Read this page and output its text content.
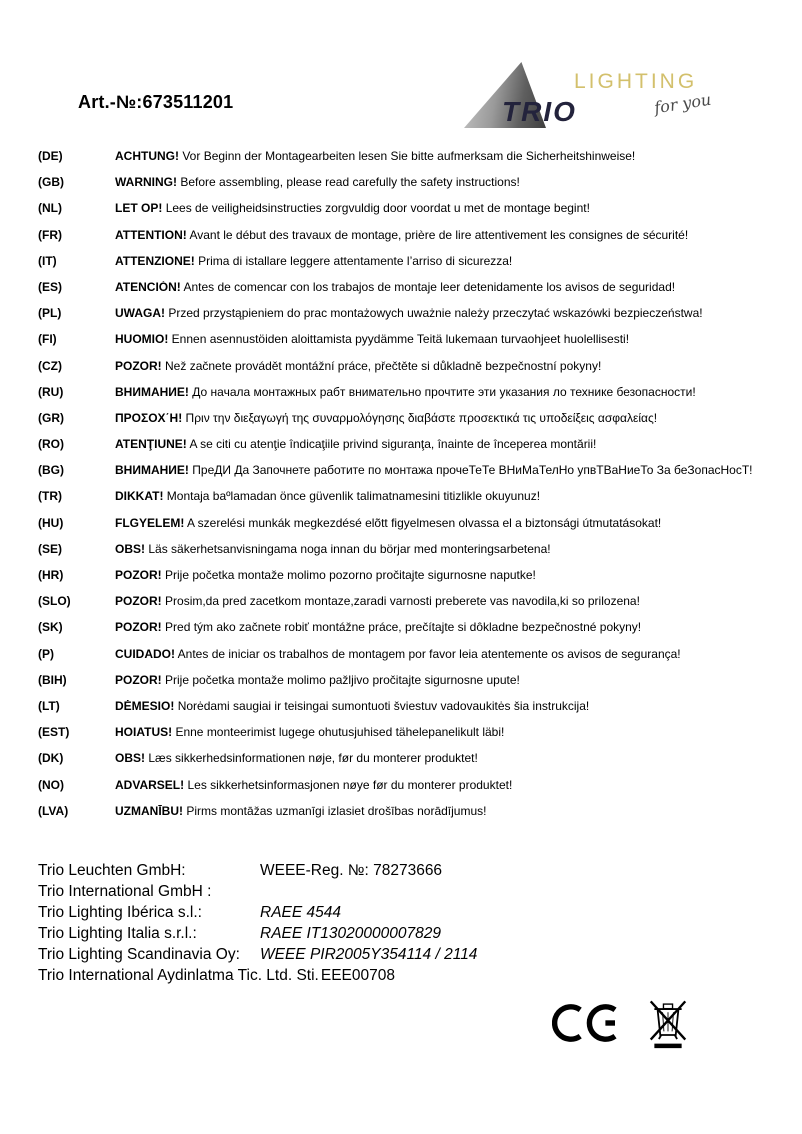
Art.-№:673511201	TRIO
LIGHTING
for you
(DE)	ACHTUNG! Vor Beginn der Montagearbeiten lesen Sie bitte aufmerksam die Sicherheitshinweise!
(GB)	WARNING! Before assembling, please read carefully the safety instructions!
(NL)	LET OP! Lees de veiligheidsinstructies zorgvuldig door voordat u met de montage begint!
(FR)	ATTENTION! Avant le début des travaux de montage, prière de lire attentivement les consignes de sécurité!
(IT)	ATTENZIONE! Prima di istallare leggere attentamente l’arriso di sicurezza!
(ES)	ATENCIÓN! Antes de comencar con los trabajos de montaje leer detenidamente los avisos de seguridad!
(PL)	UWAGA! Przed przystąpieniem do prac montażowych uważnie należy przeczytać wskazówki bezpieczeństwa!
(FI)	HUOMIO! Ennen asennustöiden aloittamista pyydämme Teitä lukemaan turvaohjeet huolellisesti!
(CZ)	POZOR! Než začnete provádět montážní práce, přečtěte si důkladně bezpečnostní pokyny!
(RU)	ВНИМАНИЕ! До начала монтажных рабт внимательно прочтите эти указания ло технике безопасности!
(GR)	ΠΡΟΣΟΧ΄Η! Πριν την διεξαγωγή της συναρμολόγησης διαβάστε προσεκτικά τις υποδείξεις ασφαλείας!
(RO)	ATENŢIUNE! A se citi cu atenţie îndicaţiile privind siguranţa, înainte de începerea montării!
(BG)	ВНИМАНИЕ! ПреДИ Да Започнете работите по монтажа прочеТеТе ВНиМаТелНо упвТВаНиеТо За беЗопасНосТ!
(TR)	DIKKAT! Montaja baºlamadan önce güvenlik talimatnamesini titizlikle okuyunuz!
(HU)	FLGYELEM! A szerelési munkák megkezdésé elõtt figyelmesen olvassa el a biztonsági útmutatásokat!
(SE)	OBS! Läs säkerhetsanvisningama noga innan du börjar med monteringsarbetena!
(HR)	POZOR! Prije početka montaže molimo pozorno pročitajte sigurnosne naputke!
(SLO)	POZOR! Prosim,da pred zacetkom montaze,zaradi varnosti preberete vas navodila,ki so prilozena!
(SK)	POZOR! Pred tým ako začnete robiť montážne práce, prečítajte si dôkladne bezpečnostné pokyny!
(P)	CUIDADO! Antes de iniciar os trabalhos de montagem por favor leia atentemente os avisos de segurança!
(BIH)	POZOR! Prije početka montaže molimo pažljivo pročitajte sigurnosne upute!
(LT)	DĖMESIO! Norėdami saugiai ir teisingai sumontuoti šviestuv vadovaukitės šia instrukcija!
(EST)	HOIATUS! Enne monteerimist lugege ohutusjuhised tähelepanelikult läbi!
(DK)	OBS! Læs sikkerhedsinformationen nøje, før du monterer produktet!
(NO)	ADVARSEL! Les sikkerhetsinformasjonen nøye før du monterer produktet!
(LVA)	UZMANĪBU! Pirms montāžas uzmanīgi izlasiet drošības norādījumus!
Trio Leuchten GmbH:	WEEE-Reg. №: 78273666
Trio International GmbH :
Trio Lighting Ibérica s.l.:	RAEE 4544
Trio Lighting Italia s.r.l.:	RAEE IT13020000007829
Trio Lighting Scandinavia Oy: WEEE PIR2005Y354114 / 2114
Trio International Aydinlatma Tic. Ltd. Sti. EEE00708
